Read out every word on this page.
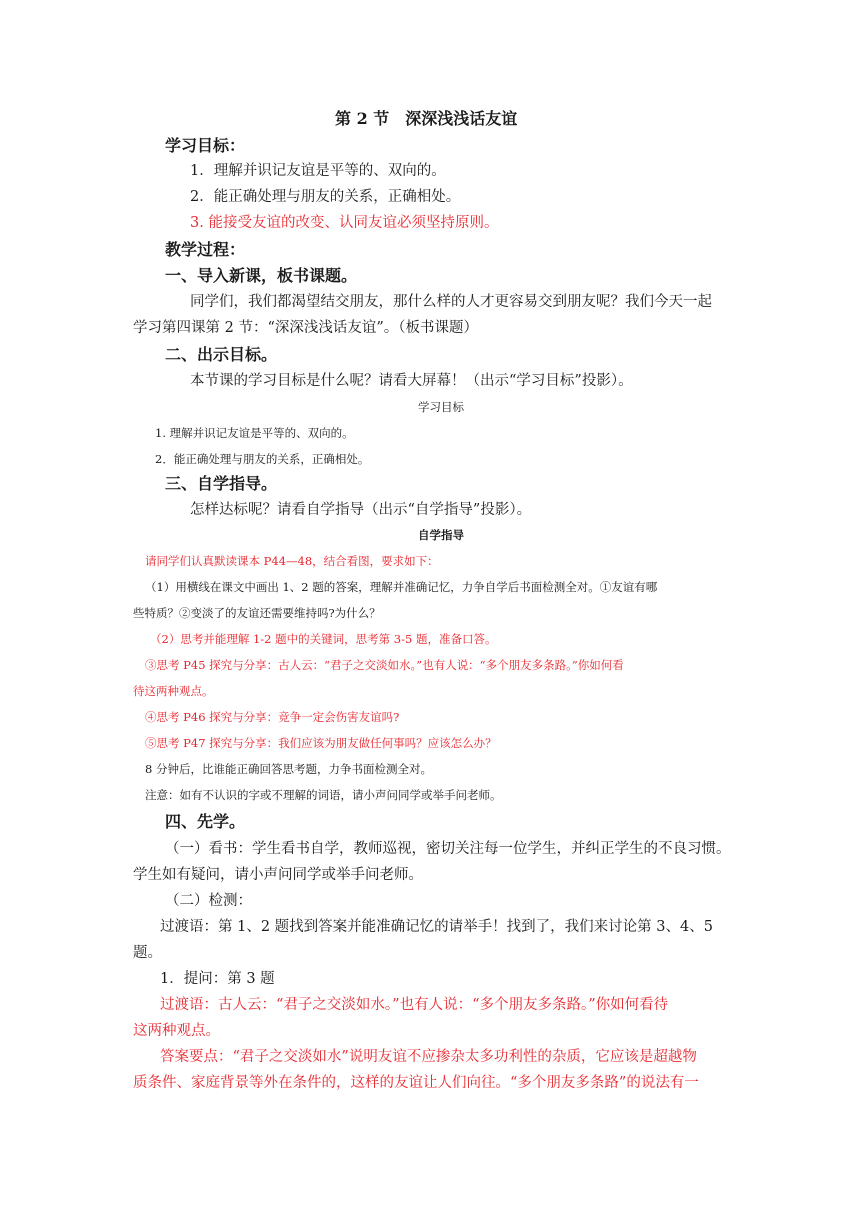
第 2 节　深深浅浅话友谊
学习目标：
1．理解并识记友谊是平等的、双向的。
2．能正确处理与朋友的关系，正确相处。
3. 能接受友谊的改变、认同友谊必须坚持原则。
教学过程：
一、导入新课，板书课题。
同学们，我们都渴望结交朋友，那什么样的人才更容易交到朋友呢？我们今天一起
学习第四课第 2 节：“深深浅浅话友谊”。（板书课题）
二、出示目标。
本节课的学习目标是什么呢？请看大屏幕！（出示“学习目标”投影）。
学习目标
1. 理解并识记友谊是平等的、双向的。
2．能正确处理与朋友的关系，正确相处。
三、自学指导。
怎样达标呢？请看自学指导（出示“自学指导”投影）。
自学指导
请同学们认真默读课本 P44—48，结合看图，要求如下：
（1）用横线在课文中画出 1、2 题的答案，理解并准确记忆，力争自学后书面检测全对。①友谊有哪
些特质？②变淡了的友谊还需要维持吗?为什么？
（2）思考并能理解 1-2 题中的关键词，思考第 3-5 题，准备口答。
③思考 P45 探究与分享：古人云：“君子之交淡如水。”也有人说：“多个朋友多条路。”你如何看
待这两种观点。
④思考 P46 探究与分享：竞争一定会伤害友谊吗?
⑤思考 P47 探究与分享：我们应该为朋友做任何事吗？应该怎么办？
8 分钟后，比谁能正确回答思考题，力争书面检测全对。
注意：如有不认识的字或不理解的词语，请小声问同学或举手问老师。
四、先学。
（一）看书：学生看书自学，教师巡视，密切关注每一位学生，并纠正学生的不良习惯。
学生如有疑问，请小声问同学或举手问老师。
（二）检测：
过渡语：第 1、2 题找到答案并能准确记忆的请举手！找到了，我们来讨论第 3、4、5
题。
1．提问：第 3 题
过渡语：古人云：“君子之交淡如水。”也有人说：“多个朋友多条路。”你如何看待
这两种观点。
答案要点：“君子之交淡如水”说明友谊不应掺杂太多功利性的杂质，它应该是超越物
质条件、家庭背景等外在条件的，这样的友谊让人们向往。“多个朋友多条路”的说法有一
